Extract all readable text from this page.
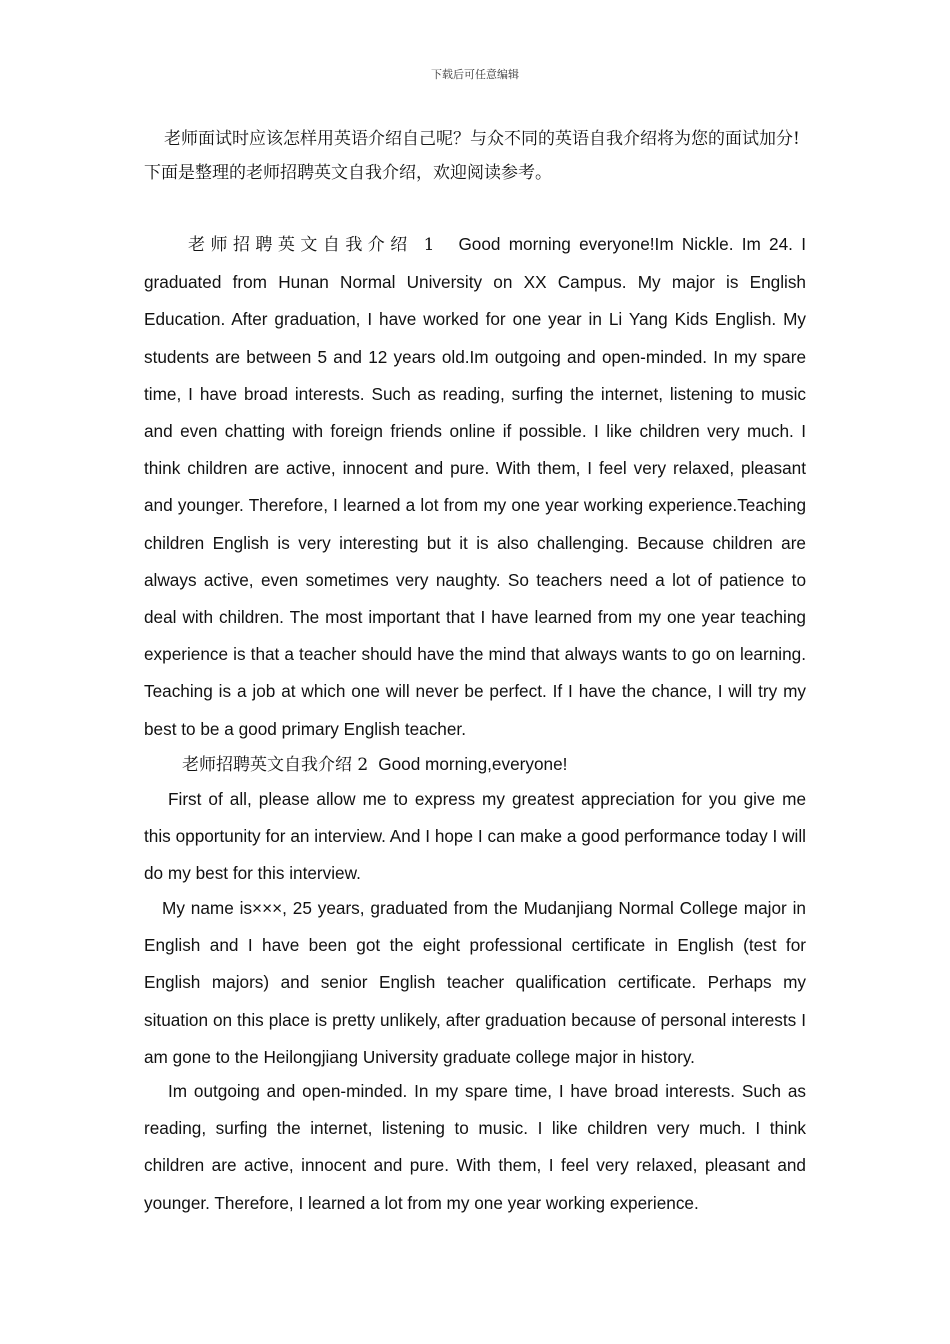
下载后可任意编辑

老师面试时应该怎样用英语介绍自己呢？与众不同的英语自我介绍将为您的面试加分!下面是整理的老师招聘英文自我介绍，欢迎阅读参考。

老师招聘英文自我介绍 1 Good morning everyone!Im Nickle. Im 24. I graduated from Hunan Normal University on XX Campus. My major is English Education. After graduation, I have worked for one year in Li Yang Kids English. My students are between 5 and 12 years old.Im outgoing and open-minded. In my spare time, I have broad interests. Such as reading, surfing the internet, listening to music and even chatting with foreign friends online if possible. I like children very much. I think children are active, innocent and pure. With them, I feel very relaxed, pleasant and younger. Therefore, I learned a lot from my one year working experience.Teaching children English is very interesting but it is also challenging. Because children are always active, even sometimes very naughty. So teachers need a lot of patience to deal with children. The most important that I have learned from my one year teaching experience is that a teacher should have the mind that always wants to go on learning. Teaching is a job at which one will never be perfect. If I have the chance, I will try my best to be a good primary English teacher.

老师招聘英文自我介绍 2 Good morning,everyone!

First of all, please allow me to express my greatest appreciation for you give me this opportunity for an interview. And I hope I can make a good performance today I will do my best for this interview.

My name is×××, 25 years, graduated from the Mudanjiang Normal College major in English and I have been got the eight professional certificate in English (test for English majors) and senior English teacher qualification certificate. Perhaps my situation on this place is pretty unlikely, after graduation because of personal interests I am gone to the Heilongjiang University graduate college major in history.

Im outgoing and open-minded. In my spare time, I have broad interests. Such as reading, surfing the internet, listening to music. I like children very much. I think children are active, innocent and pure. With them, I feel very relaxed, pleasant and younger. Therefore, I learned a lot from my one year working experience.
